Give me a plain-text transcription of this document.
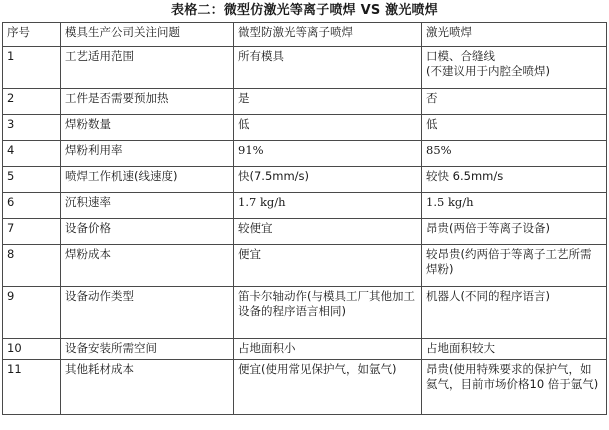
表格二：微型仿激光等离子喷焊 VS 激光喷焊
序号	模具生产公司关注问题	微型防激光等离子喷焊	激光喷焊
1	工艺适用范围	所有模具	口模、合缝线
(不建议用于内腔全喷焊)
2	工件是否需要预加热	是	否
3	焊粉数量	低	低
4	焊粉利用率	91%	85%
5	喷焊工作机速(线速度)	快(7.5mm/s)	较快 6.5mm/s
6	沉积速率	1.7 kg/h	1.5 kg/h
7	设备价格	较便宜	昂贵(两倍于等离子设备)
8	焊粉成本	便宜	较昂贵(约两倍于等离子工艺所需焊粉)
9	设备动作类型	笛卡尔轴动作(与模具工厂其他加工设备的程序语言相同)	机器人(不同的程序语言)
10	设备安装所需空间	占地面积小	占地面积较大
11	其他耗材成本	便宜(使用常见保护气，如氩气)	昂贵(使用特殊要求的保护气，如氦气，目前市场价格10 倍于氩气)
